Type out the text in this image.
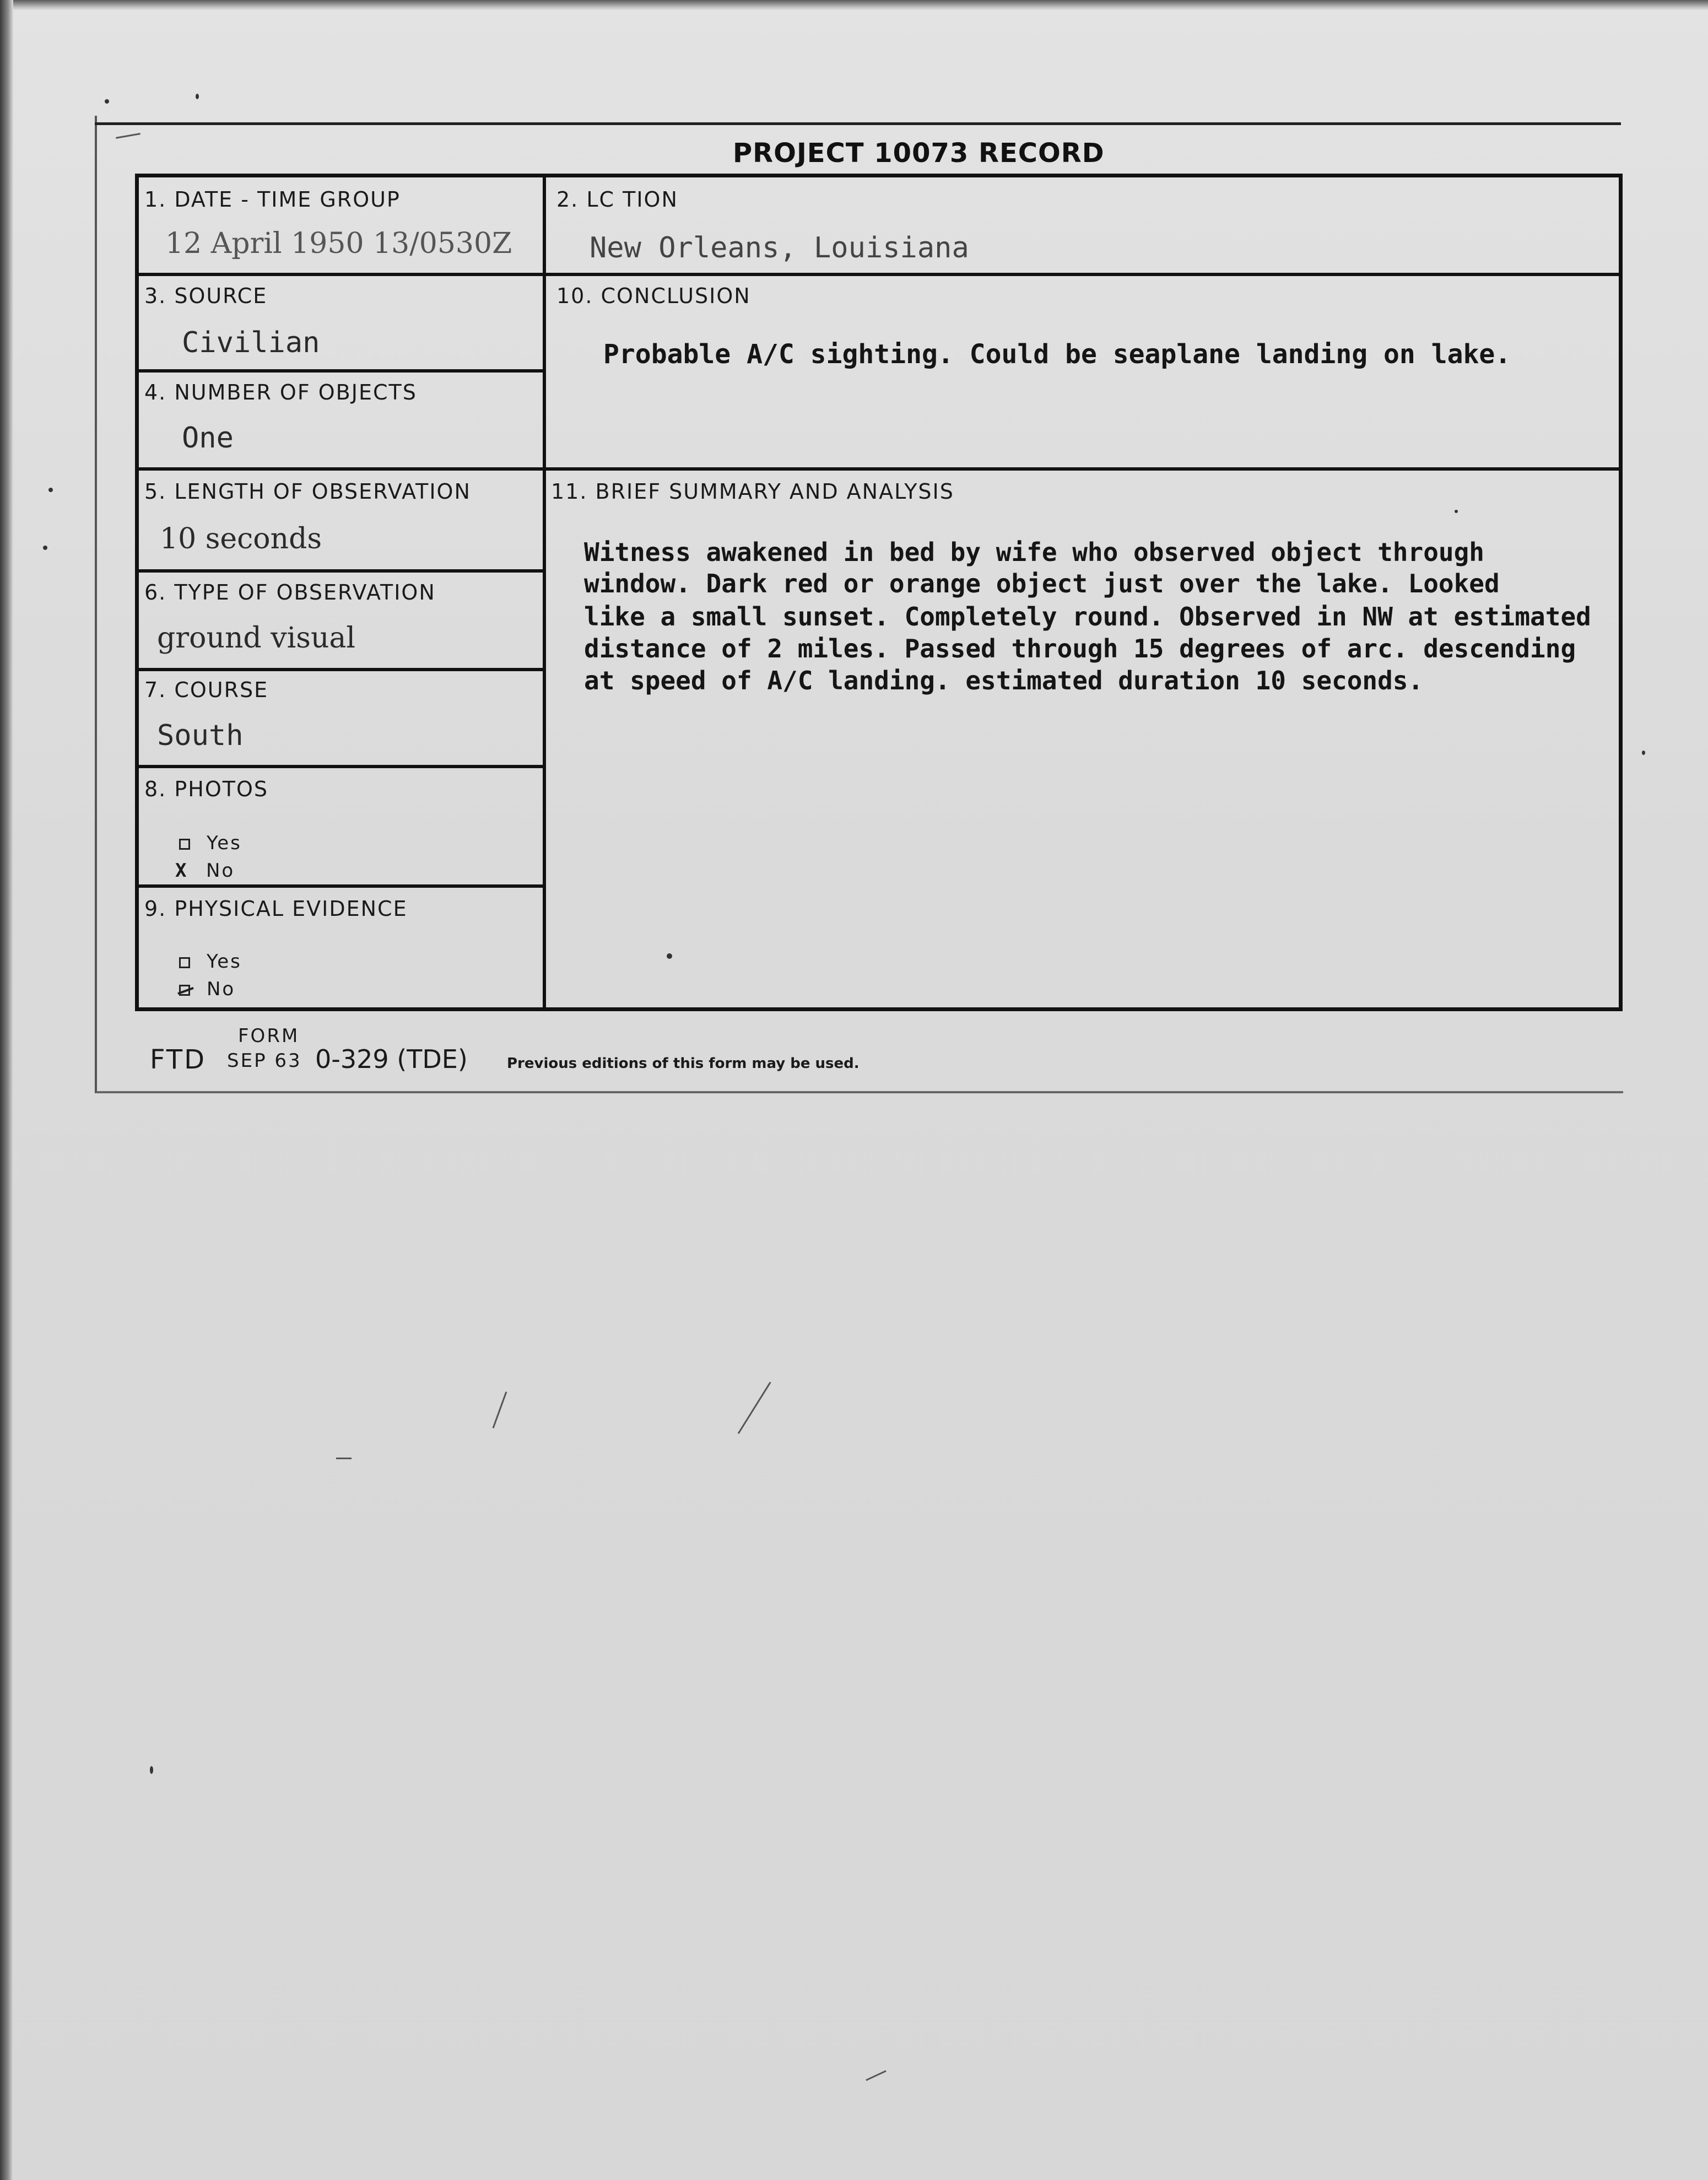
PROJECT 10073 RECORD
1. DATE - TIME GROUP
12 April 1950 13/0530Z
2. LC TION
New Orleans, Louisiana
3. SOURCE
Civilian
4. NUMBER OF OBJECTS
One
5. LENGTH OF OBSERVATION
10 seconds
6. TYPE OF OBSERVATION
ground visual
7. COURSE
South
8. PHOTOS
Yes
X No
9. PHYSICAL EVIDENCE
Yes
No
10. CONCLUSION
Probable A/C sighting. Could be seaplane landing on lake.
11. BRIEF SUMMARY AND ANALYSIS
Witness awakened in bed by wife who observed object through
window. Dark red or orange object just over the lake. Looked
like a small sunset. Completely round. Observed in NW at estimated
distance of 2 miles. Passed through 15 degrees of arc. descending
at speed of A/C landing. estimated duration 10 seconds.
FORM
FTD SEP 63 0-329 (TDE)	Previous editions of this form may be used.
